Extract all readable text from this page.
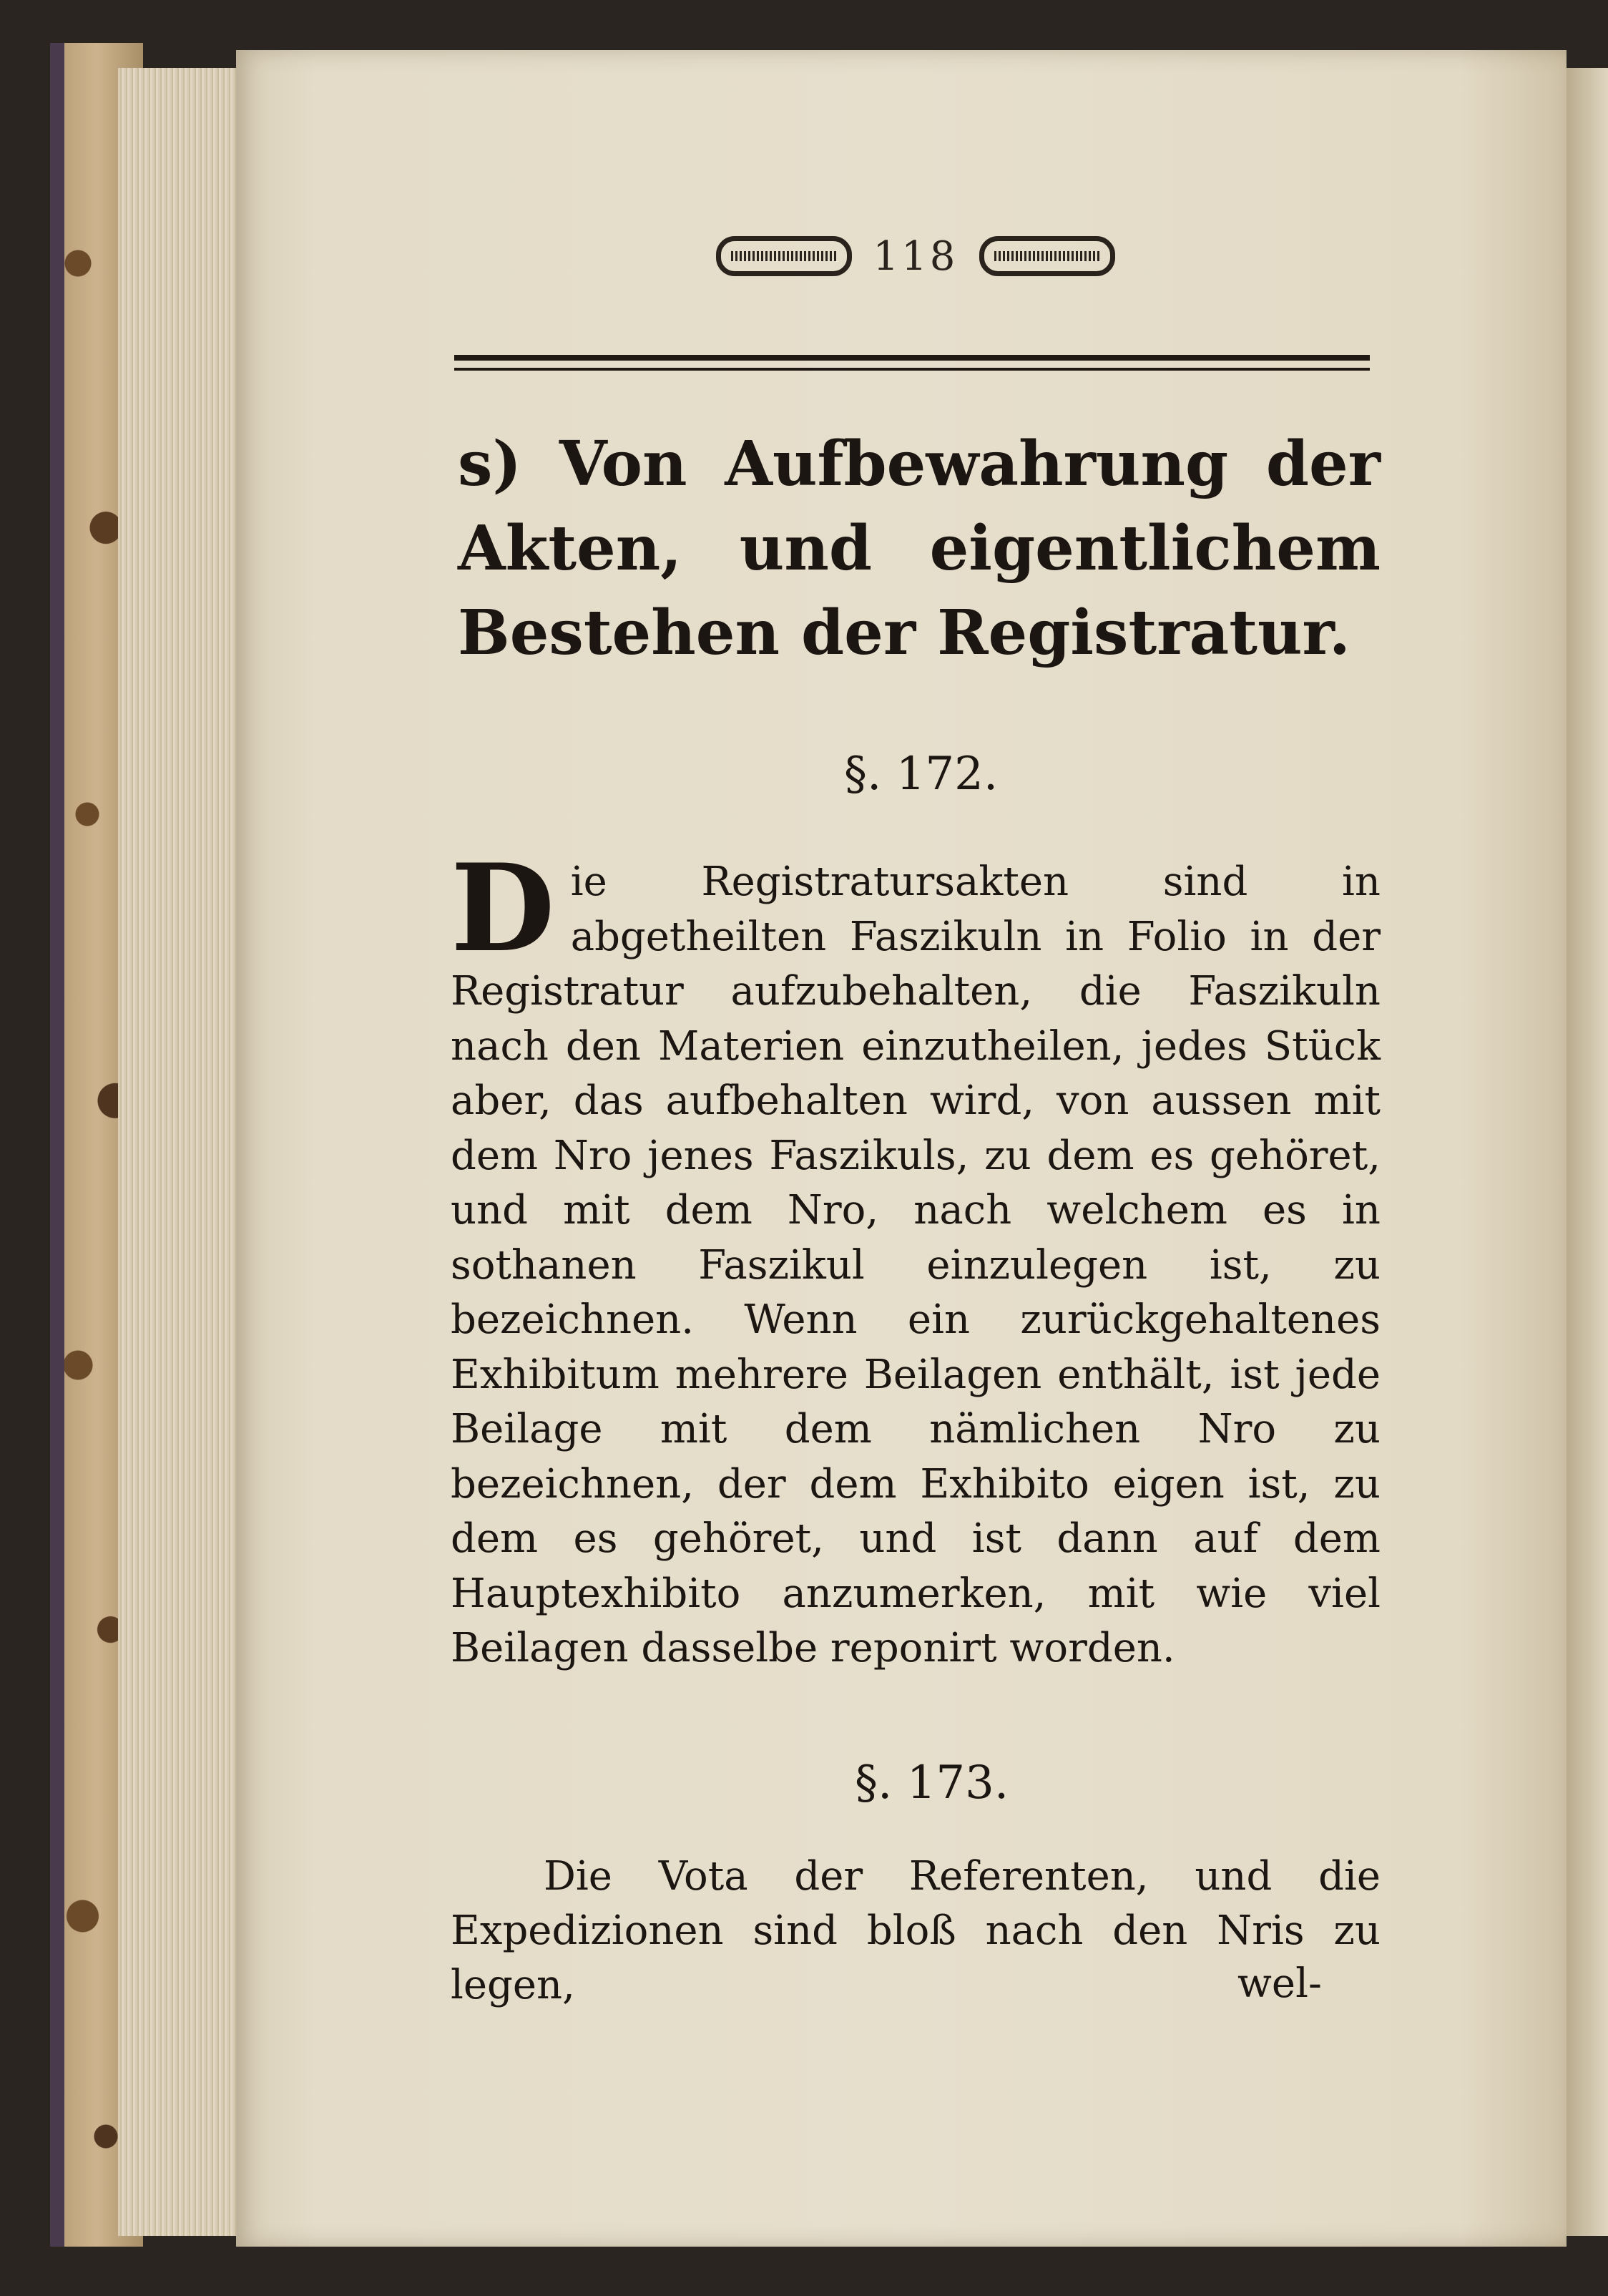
118

s) Von Aufbewahrung der Akten, und eigentlichem Bestehen der Registratur.

§. 172.

Die Registratursakten sind in abgetheilten Faszikuln in Folio in der Registratur aufzubehalten, die Faszikuln nach den Materien einzutheilen, jedes Stück aber, das aufbehalten wird, von aussen mit dem Nro jenes Faszikuls, zu dem es gehöret, und mit dem Nro, nach welchem es in sothanen Faszikul einzulegen ist, zu bezeichnen. Wenn ein zurückgehaltenes Exhibitum mehrere Beilagen enthält, ist jede Beilage mit dem nämlichen Nro zu bezeichnen, der dem Exhibito eigen ist, zu dem es gehöret, und ist dann auf dem Hauptexhibito anzumerken, mit wie viel Beilagen dasselbe reponirt worden.

§. 173.

Die Vota der Referenten, und die Expedizionen sind bloß nach den Nris zu legen,	wel-
